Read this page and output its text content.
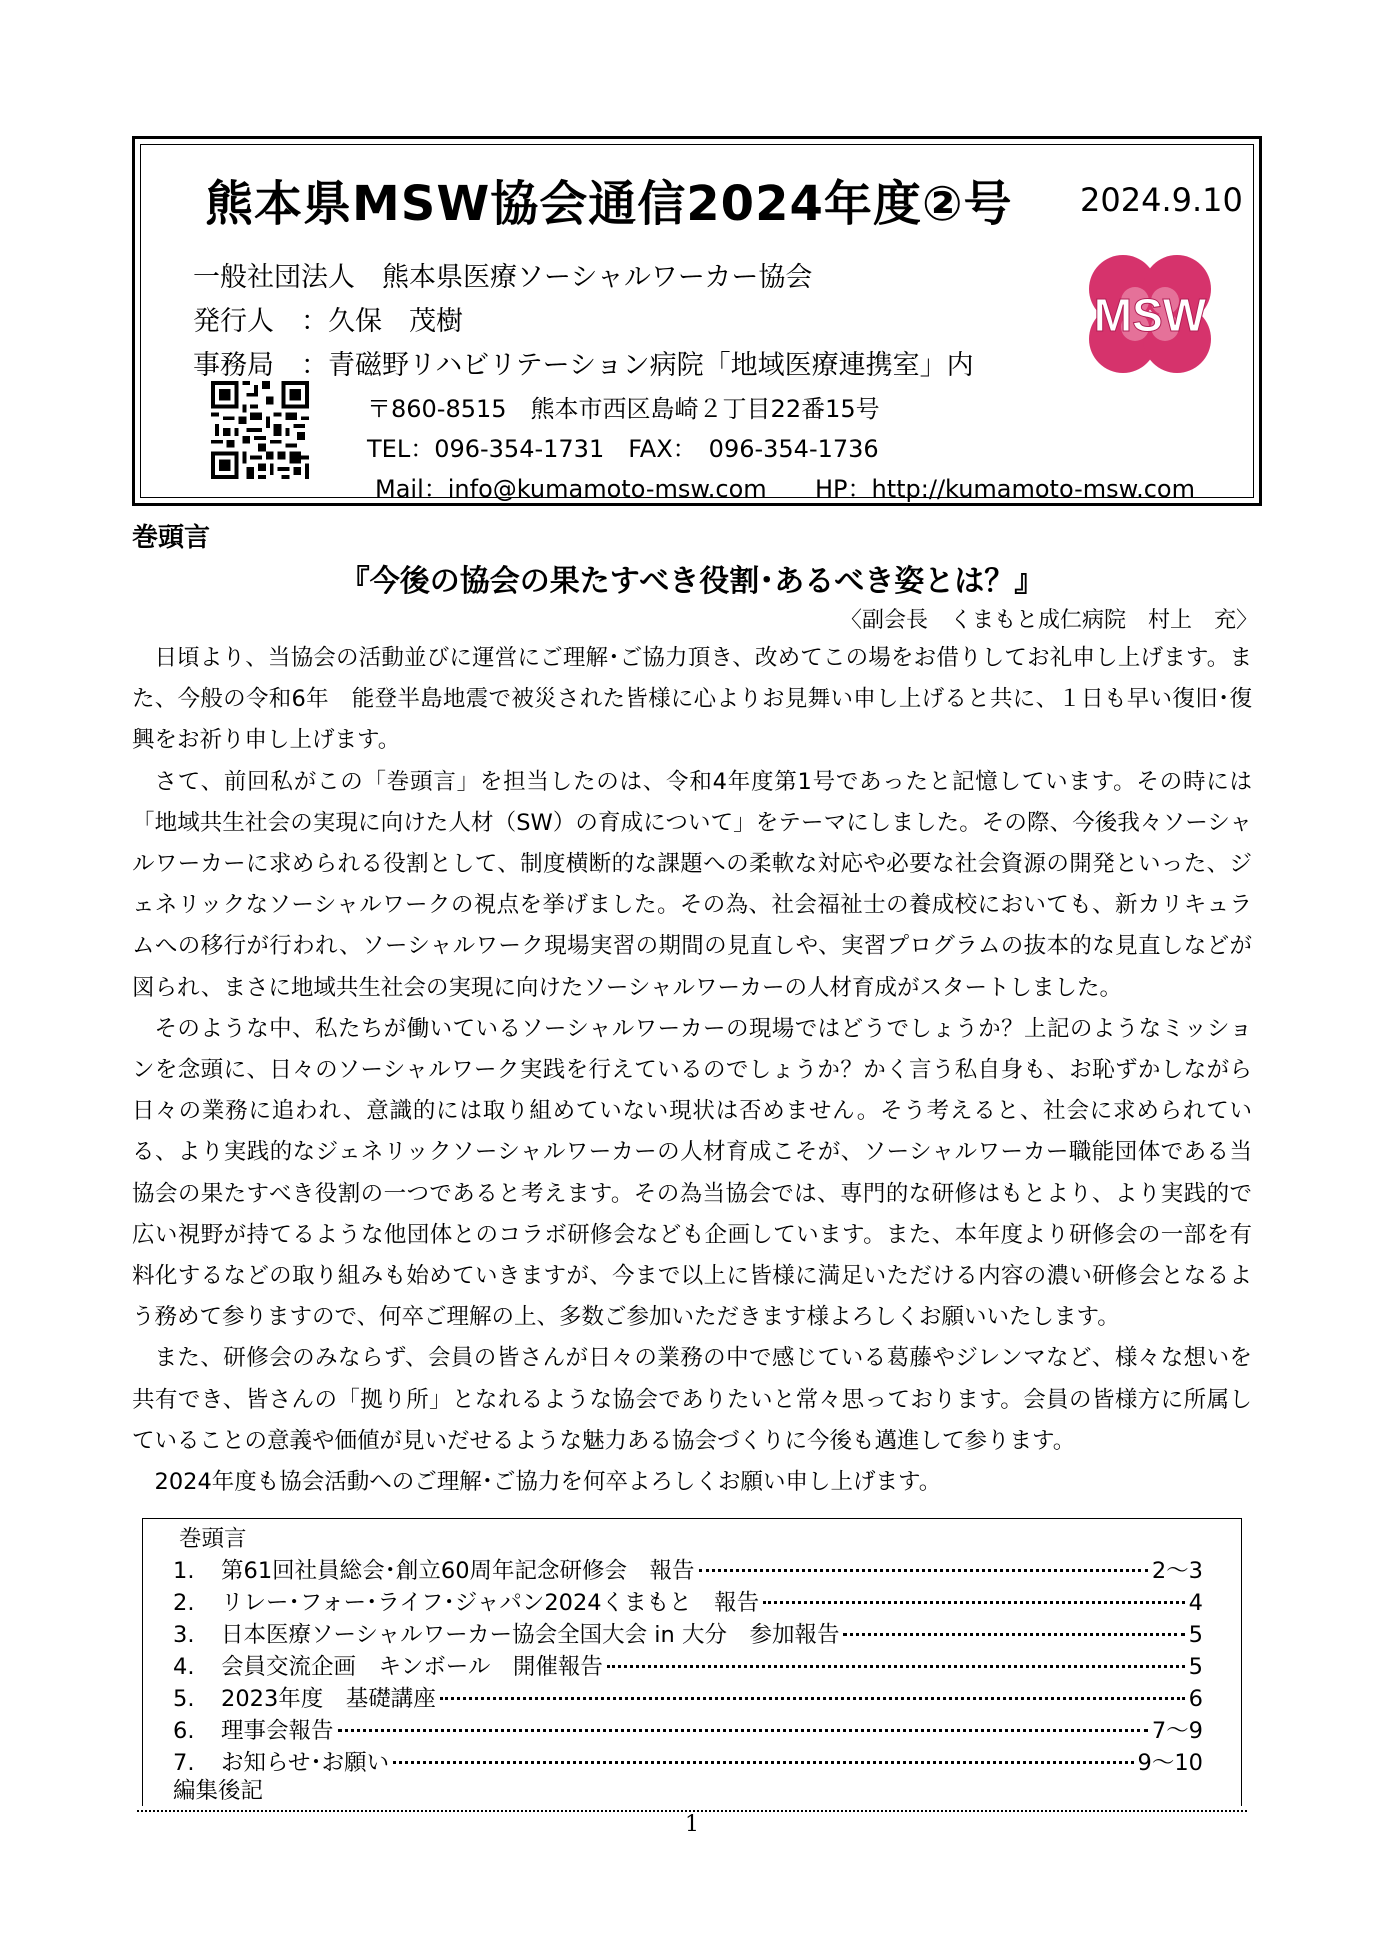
熊本県MSW協会通信2024年度②号 2024.9.10
一般社団法人　熊本県医療ソーシャルワーカー協会
発行人　：久保　茂樹
事務局　：青磁野リハビリテーション病院「地域医療連携室」内
〒860-8515　熊本市西区島崎２丁目22番15号
TEL：096-354-1731　FAX：　096-354-1736
Mail：info@kumamoto-msw.com HP：http://kumamoto-msw.com
MSW
巻頭言
『今後の協会の果たすべき役割･あるべき姿とは？』
〈副会長　くまもと成仁病院　村上　充〉

日頃より、当協会の活動並びに運営にご理解･ご協力頂き、改めてこの場をお借りしてお礼申し上げます。また、今般の令和6年　能登半島地震で被災された皆様に心よりお見舞い申し上げると共に、１日も早い復旧･復興をお祈り申し上げます。

さて、前回私がこの「巻頭言」を担当したのは、令和4年度第1号であったと記憶しています。その時には「地域共生社会の実現に向けた人材（SW）の育成について」をテーマにしました。その際、今後我々ソーシャルワーカーに求められる役割として、制度横断的な課題への柔軟な対応や必要な社会資源の開発といった、ジェネリックなソーシャルワークの視点を挙げました。その為、社会福祉士の養成校においても、新カリキュラムへの移行が行われ、ソーシャルワーク現場実習の期間の見直しや、実習プログラムの抜本的な見直しなどが図られ、まさに地域共生社会の実現に向けたソーシャルワーカーの人材育成がスタートしました。

そのような中、私たちが働いているソーシャルワーカーの現場ではどうでしょうか？上記のようなミッションを念頭に、日々のソーシャルワーク実践を行えているのでしょうか？かく言う私自身も、お恥ずかしながら日々の業務に追われ、意識的には取り組めていない現状は否めません。そう考えると、社会に求められている、より実践的なジェネリックソーシャルワーカーの人材育成こそが、ソーシャルワーカー職能団体である当協会の果たすべき役割の一つであると考えます。その為当協会では、専門的な研修はもとより、より実践的で広い視野が持てるような他団体とのコラボ研修会なども企画しています。また、本年度より研修会の一部を有料化するなどの取り組みも始めていきますが、今まで以上に皆様に満足いただける内容の濃い研修会となるよう務めて参りますので、何卒ご理解の上、多数ご参加いただきます様よろしくお願いいたします。

また、研修会のみならず、会員の皆さんが日々の業務の中で感じている葛藤やジレンマなど、様々な想いを共有でき、皆さんの「拠り所」となれるような協会でありたいと常々思っております。会員の皆様方に所属していることの意義や価値が見いだせるような魅力ある協会づくりに今後も邁進して参ります。

2024年度も協会活動へのご理解･ご協力を何卒よろしくお願い申し上げます。

巻頭言
1.	第61回社員総会･創立60周年記念研修会　報告	2～3
2.	リレー･フォー･ライフ･ジャパン2024くまもと　報告	4
3.	日本医療ソーシャルワーカー協会全国大会 in 大分　参加報告	5
4.	会員交流企画　キンボール　開催報告	5
5.	2023年度　基礎講座	6
6.	理事会報告	7～9
7.	お知らせ･お願い	9～10
編集後記
1
